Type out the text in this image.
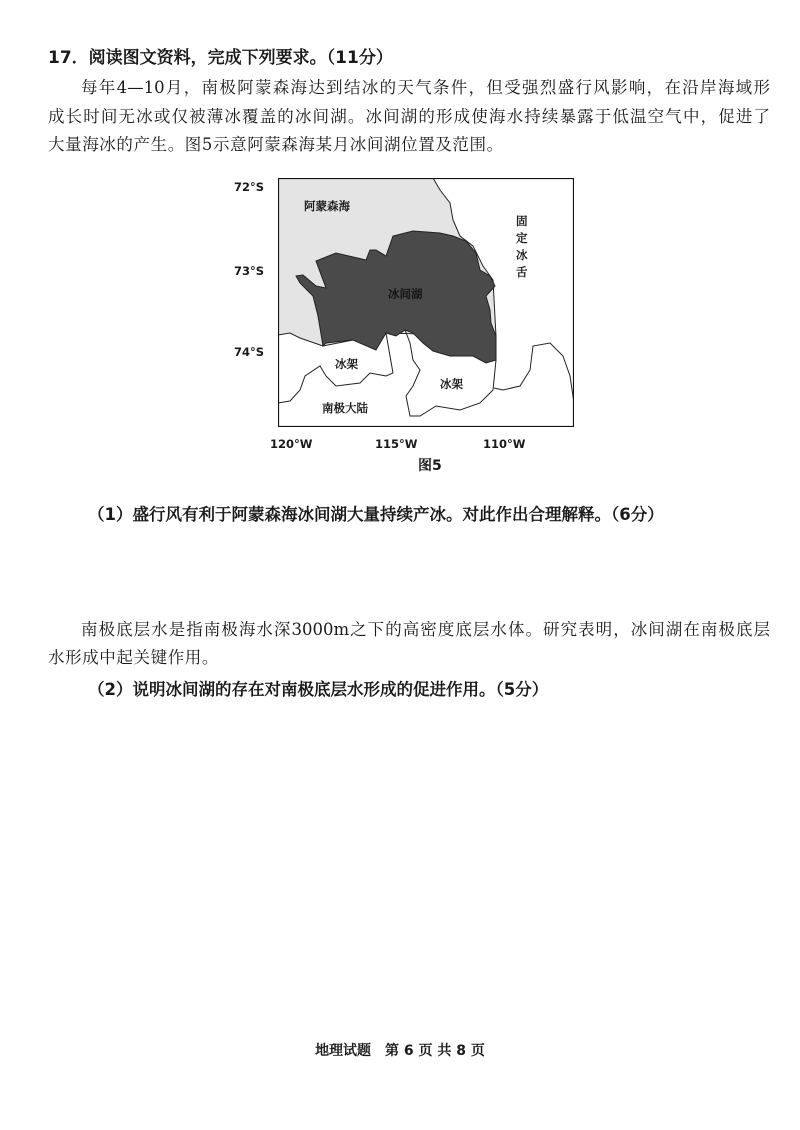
17．阅读图文资料，完成下列要求。（11分）
每年4—10月，南极阿蒙森海达到结冰的天气条件，但受强烈盛行风影响，在沿岸海域形
成长时间无冰或仅被薄冰覆盖的冰间湖。冰间湖的形成使海水持续暴露于低温空气中，促进了
大量海冰的产生。图5示意阿蒙森海某月冰间湖位置及范围。
72°S
73°S
74°S
120°W	115°W	110°W
阿蒙森海
固定冰舌
冰间湖
冰架
冰架
南极大陆
图5
（1）盛行风有利于阿蒙森海冰间湖大量持续产冰。对此作出合理解释。（6分）
南极底层水是指南极海水深3000m之下的高密度底层水体。研究表明，冰间湖在南极底层
水形成中起关键作用。
（2）说明冰间湖的存在对南极底层水形成的促进作用。（5分）
地理试题　第 6 页 共 8 页
